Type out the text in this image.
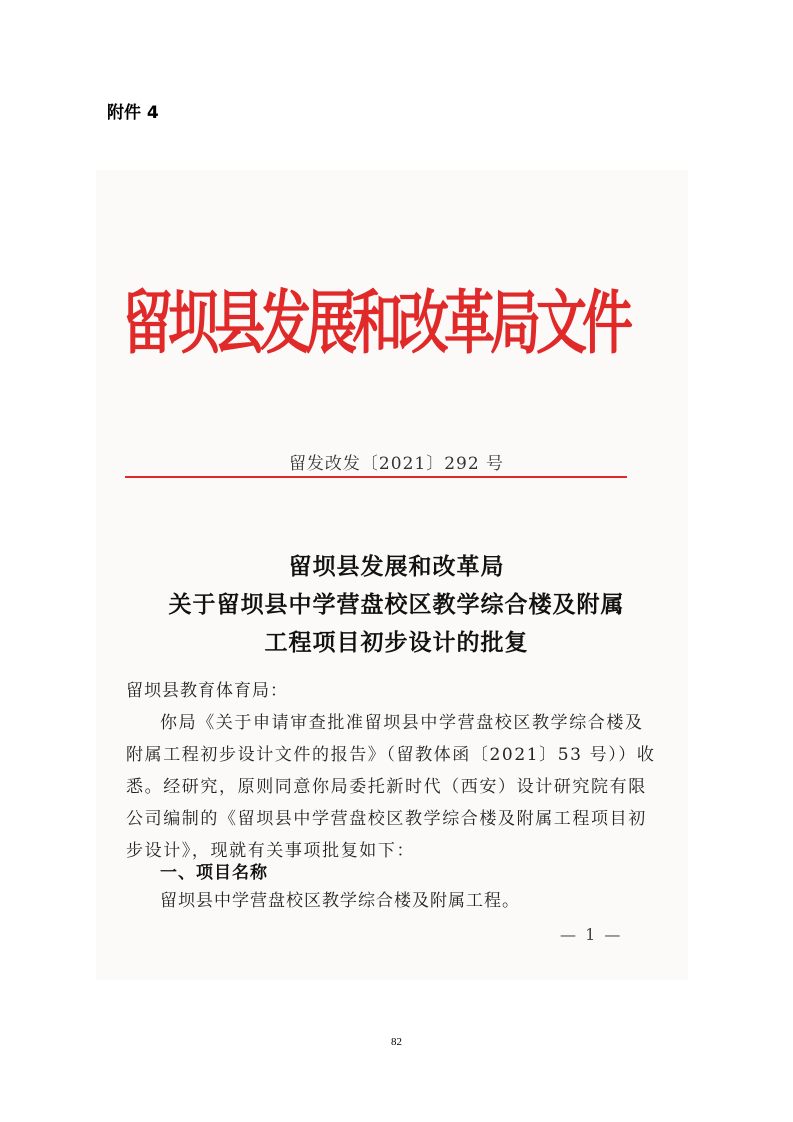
附件 4
留坝县发展和改革局文件
留发改发〔2021〕292 号
留坝县发展和改革局
关于留坝县中学营盘校区教学综合楼及附属
工程项目初步设计的批复
留坝县教育体育局：
你局《关于申请审查批准留坝县中学营盘校区教学综合楼及
附属工程初步设计文件的报告》（留教体函〔2021〕53 号））收
悉。经研究，原则同意你局委托新时代（西安）设计研究院有限
公司编制的《留坝县中学营盘校区教学综合楼及附属工程项目初
步设计》，现就有关事项批复如下：
一、项目名称
留坝县中学营盘校区教学综合楼及附属工程。
— 1 —
82
